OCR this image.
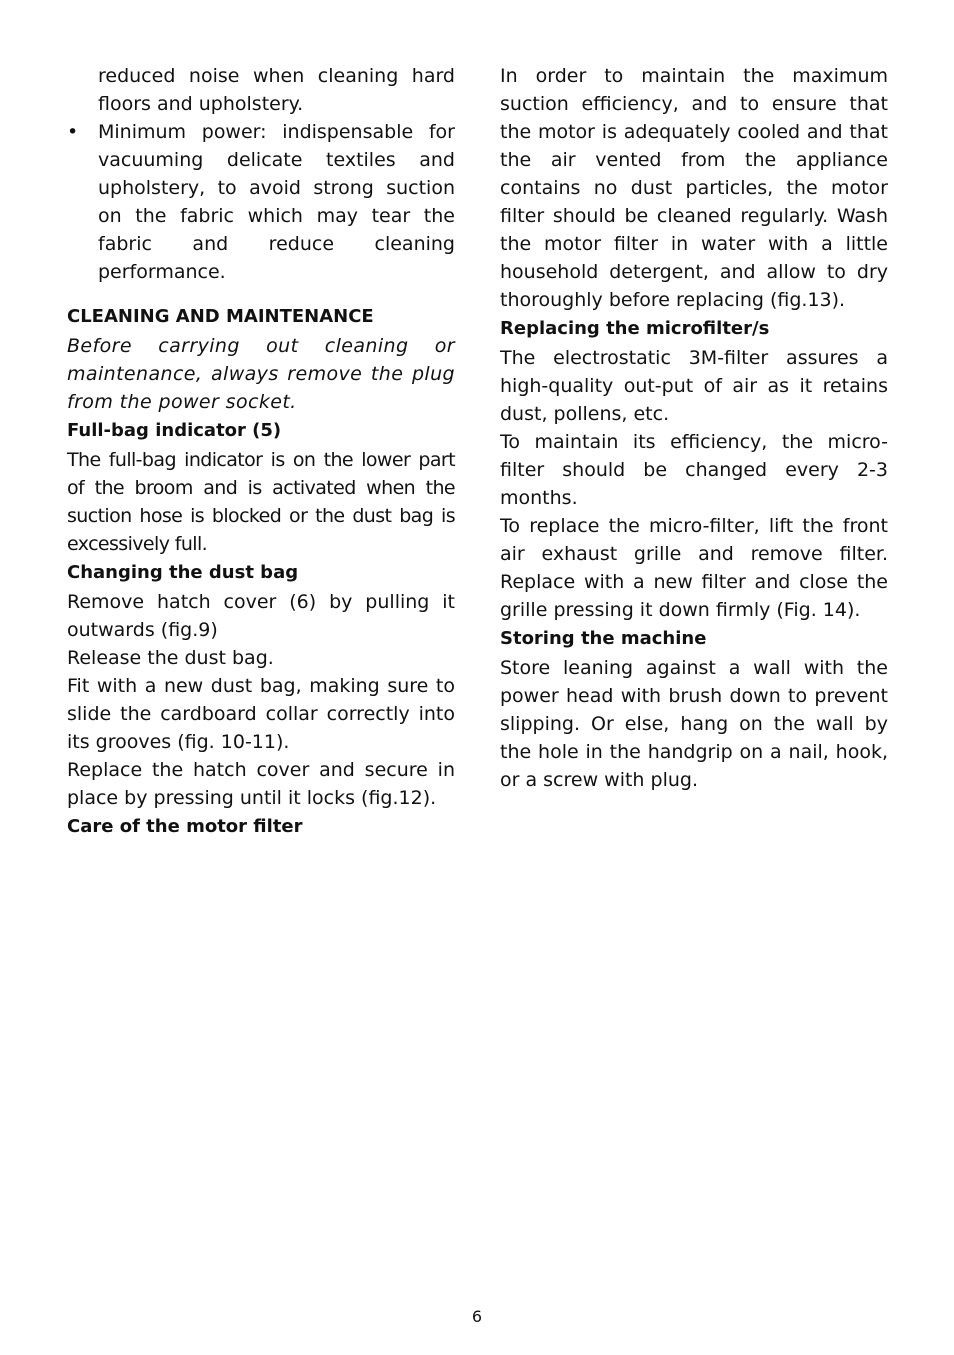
reduced noise when cleaning hard floors and upholstery.

• Minimum power: indispensable for vacuuming delicate textiles and upholstery, to avoid strong suction on the fabric which may tear the fabric and reduce cleaning performance.

CLEANING AND MAINTENANCE

Before carrying out cleaning or maintenance, always remove the plug from the power socket.

Full-bag indicator (5)

The full-bag indicator is on the lower part of the broom and is activated when the suction hose is blocked or the dust bag is excessively full.

Changing the dust bag

Remove hatch cover (6) by pulling it outwards (fig.9)

Release the dust bag.

Fit with a new dust bag, making sure to slide the cardboard collar correctly into its grooves (fig. 10-11).

Replace the hatch cover and secure in place by pressing until it locks (fig.12).

Care of the motor filter

In order to maintain the maximum suction efficiency, and to ensure that the motor is adequately cooled and that the air vented from the appliance contains no dust particles, the motor filter should be cleaned regularly. Wash the motor filter in water with a little household detergent, and allow to dry thoroughly before replacing (fig.13).

Replacing the microfilter/s

The electrostatic 3M-filter assures a high-quality out-put of air as it retains dust, pollens, etc.

To maintain its efficiency, the micro-filter should be changed every 2-3 months.

To replace the micro-filter, lift the front air exhaust grille and remove filter. Replace with a new filter and close the grille pressing it down firmly (Fig. 14).

Storing the machine

Store leaning against a wall with the power head with brush down to prevent slipping. Or else, hang on the wall by the hole in the handgrip on a nail, hook, or a screw with plug.

6
